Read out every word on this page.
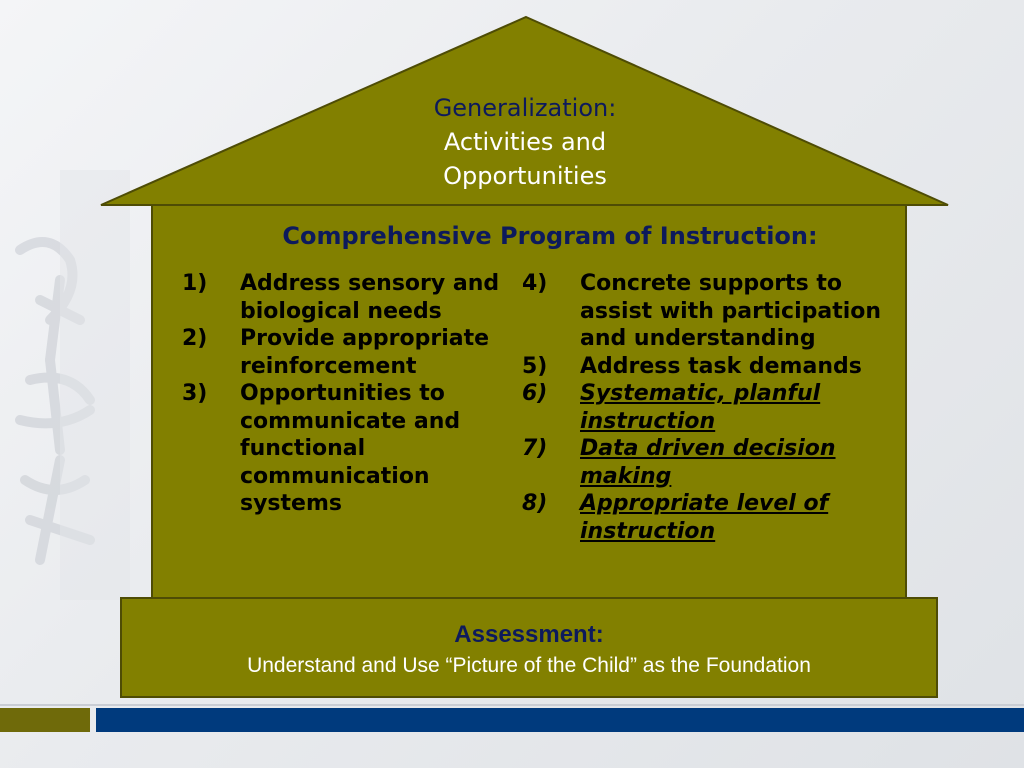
Generalization:
Activities and
Opportunities
Comprehensive Program of Instruction:
1)	Address sensory and biological needs
2)	Provide appropriate reinforcement
3)	Opportunities to communicate and functional communication systems
4)	Concrete supports to assist with participation and understanding
5)	Address task demands
6)	Systematic, planful instruction
7)	Data driven decision making
8)	Appropriate level of instruction
Assessment:
Understand and Use “Picture of the Child” as the Foundation
